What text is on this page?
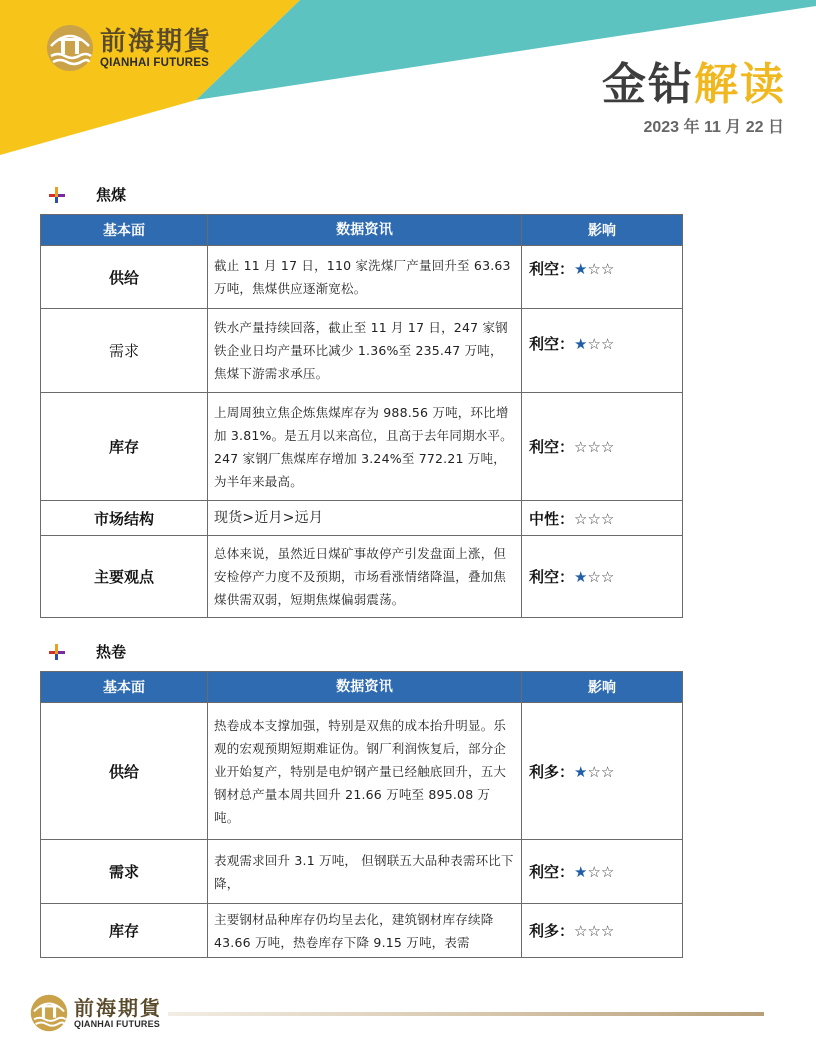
前海期貨
QIANHAI FUTURES	金钻解读
2023 年 11 月 22 日
焦煤
基本面	数据资讯	影响
供给	截止 11 月 17 日，110 家洗煤厂产量回升至 63.63 万吨，焦煤供应逐渐宽松。	利空：★☆☆
需求	铁水产量持续回落，截止至 11 月 17 日，247 家钢铁企业日均产量环比减少 1.36%至 235.47 万吨，焦煤下游需求承压。	利空：★☆☆
库存	上周周独立焦企炼焦煤库存为 988.56 万吨，环比增加 3.81%。是五月以来高位，且高于去年同期水平。247 家钢厂焦煤库存增加 3.24%至 772.21 万吨，为半年来最高。	利空：☆☆☆
市场结构	现货>近月>远月	中性：☆☆☆
主要观点	总体来说，虽然近日煤矿事故停产引发盘面上涨，但安检停产力度不及预期，市场看涨情绪降温，叠加焦煤供需双弱，短期焦煤偏弱震荡。	利空：★☆☆
热卷
基本面	数据资讯	影响
供给	热卷成本支撑加强，特别是双焦的成本抬升明显。乐观的宏观预期短期难证伪。钢厂利润恢复后，部分企业开始复产，特别是电炉钢产量已经触底回升，五大钢材总产量本周共回升 21.66 万吨至 895.08 万吨。	利多：★☆☆
需求	表观需求回升 3.1 万吨， 但钢联五大品种表需环比下降，	利空：★☆☆
库存	主要钢材品种库存仍均呈去化，建筑钢材库存续降 43.66 万吨，热卷库存下降 9.15 万吨，表需	利多：☆☆☆
前海期貨
QIANHAI FUTURES
